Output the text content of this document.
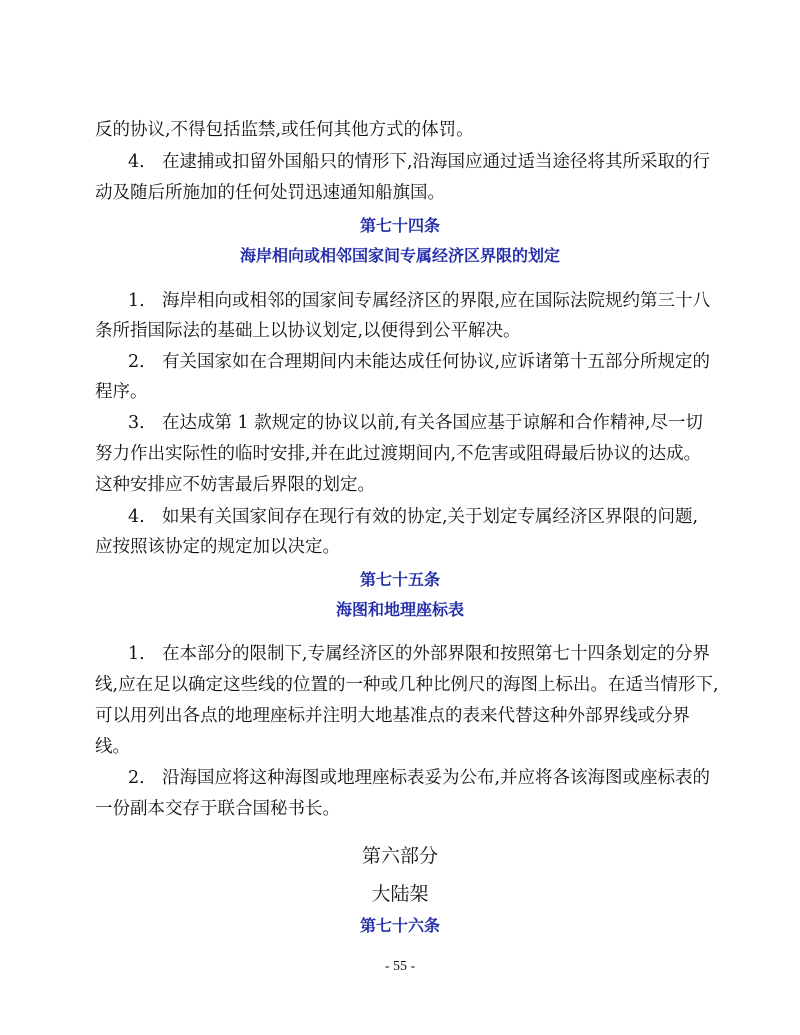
反的协议,不得包括监禁,或任何其他方式的体罚。
4. 在逮捕或扣留外国船只的情形下,沿海国应通过适当途径将其所采取的行
动及随后所施加的任何处罚迅速通知船旗国。
第七十四条
海岸相向或相邻国家间专属经济区界限的划定
1. 海岸相向或相邻的国家间专属经济区的界限,应在国际法院规约第三十八
条所指国际法的基础上以协议划定,以便得到公平解决。
2. 有关国家如在合理期间内未能达成任何协议,应诉诸第十五部分所规定的
程序。
3. 在达成第 1 款规定的协议以前,有关各国应基于谅解和合作精神,尽一切
努力作出实际性的临时安排,并在此过渡期间内,不危害或阻碍最后协议的达成。
这种安排应不妨害最后界限的划定。
4. 如果有关国家间存在现行有效的协定,关于划定专属经济区界限的问题,
应按照该协定的规定加以决定。
第七十五条
海图和地理座标表
1. 在本部分的限制下,专属经济区的外部界限和按照第七十四条划定的分界
线,应在足以确定这些线的位置的一种或几种比例尺的海图上标出。在适当情形下,
可以用列出各点的地理座标并注明大地基准点的表来代替这种外部界线或分界
线。
2. 沿海国应将这种海图或地理座标表妥为公布,并应将各该海图或座标表的
一份副本交存于联合国秘书长。
第六部分
大陆架
第七十六条
- 55 -
